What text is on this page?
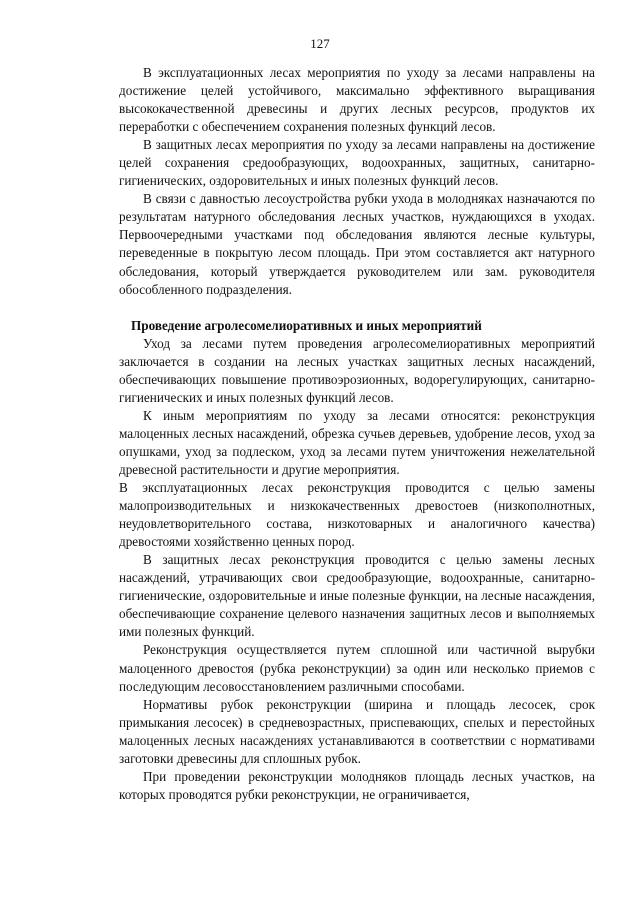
127

В эксплуатационных лесах мероприятия по уходу за лесами направлены на достижение целей устойчивого, максимально эффективного выращивания высококачественной древесины и других лесных ресурсов, продуктов их переработки с обеспечением сохранения полезных функций лесов.

В защитных лесах мероприятия по уходу за лесами направлены на достижение целей сохранения средообразующих, водоохранных, защитных, санитарно-гигиенических, оздоровительных и иных полезных функций лесов.

В связи с давностью лесоустройства рубки ухода в молодняках назначаются по результатам натурного обследования лесных участков, нуждающихся в уходах. Первоочередными участками под обследования являются лесные культуры, переведенные в покрытую лесом площадь. При этом составляется акт натурного обследования, который утверждается руководителем или зам. руководителя обособленного подразделения.

Проведение агролесомелиоративных и иных мероприятий

Уход за лесами путем проведения агролесомелиоративных мероприятий заключается в создании на лесных участках защитных лесных насаждений, обеспечивающих повышение противоэрозионных, водорегулирующих, санитарно-гигиенических и иных полезных функций лесов.

К иным мероприятиям по уходу за лесами относятся: реконструкция малоценных лесных насаждений, обрезка сучьев деревьев, удобрение лесов, уход за опушками, уход за подлеском, уход за лесами путем уничтожения нежелательной древесной растительности и другие мероприятия.

В эксплуатационных лесах реконструкция проводится с целью замены малопроизводительных и низкокачественных древостоев (низкополнотных, неудовлетворительного состава, низкотоварных и аналогичного качества) древостоями хозяйственно ценных пород.

В защитных лесах реконструкция проводится с целью замены лесных насаждений, утрачивающих свои средообразующие, водоохранные, санитарно-гигиенические, оздоровительные и иные полезные функции, на лесные насаждения, обеспечивающие сохранение целевого назначения защитных лесов и выполняемых ими полезных функций.

Реконструкция осуществляется путем сплошной или частичной вырубки малоценного древостоя (рубка реконструкции) за один или несколько приемов с последующим лесовосстановлением различными способами.

Нормативы рубок реконструкции (ширина и площадь лесосек, срок примыкания лесосек) в средневозрастных, приспевающих, спелых и перестойных малоценных лесных насаждениях устанавливаются в соответствии с нормативами заготовки древесины для сплошных рубок.

При проведении реконструкции молодняков площадь лесных участков, на которых проводятся рубки реконструкции, не ограничивается,
